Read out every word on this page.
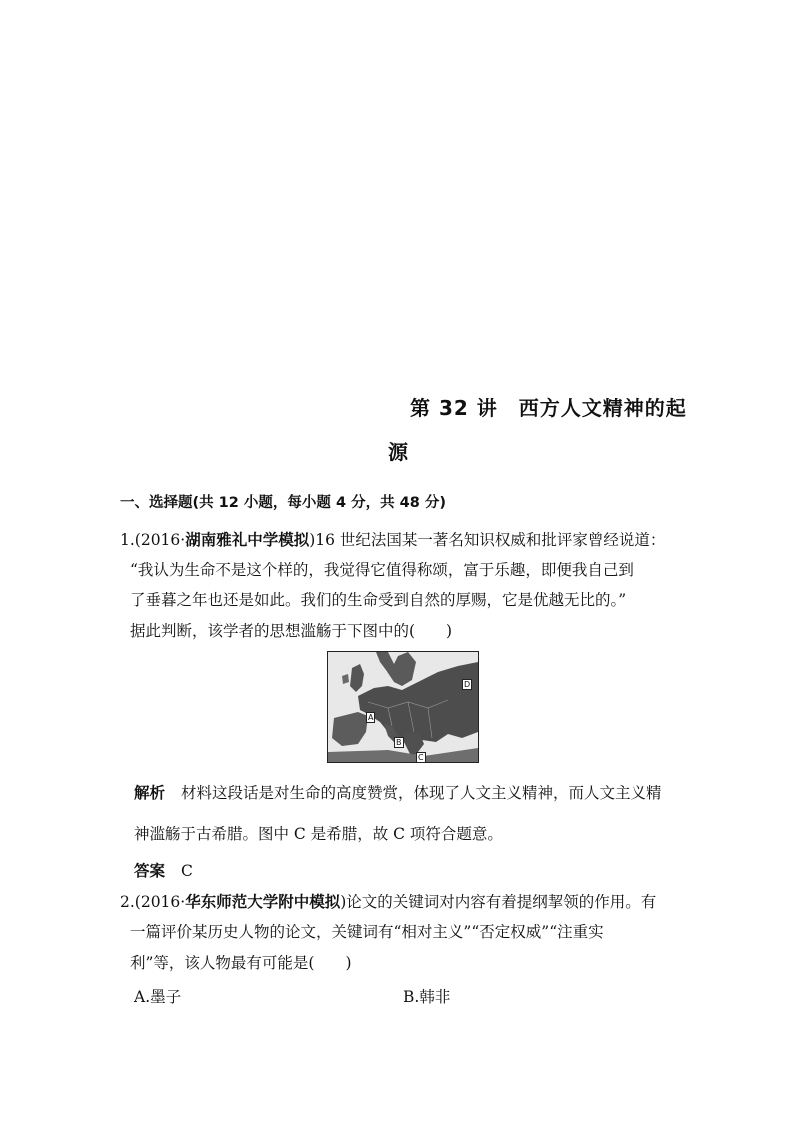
第 32 讲　西方人文精神的起
源
一、选择题(共 12 小题，每小题 4 分，共 48 分)
1.(2016·湖南雅礼中学模拟)16 世纪法国某一著名知识权威和批评家曾经说道：
“我认为生命不是这个样的，我觉得它值得称颂，富于乐趣，即便我自己到
了垂暮之年也还是如此。我们的生命受到自然的厚赐，它是优越无比的。”
据此判断，该学者的思想滥觞于下图中的(　　)
A
B
C
D
解析 材料这段话是对生命的高度赞赏，体现了人文主义精神，而人文主义精
神滥觞于古希腊。图中 C 是希腊，故 C 项符合题意。
答案 C
2.(2016·华东师范大学附中模拟)论文的关键词对内容有着提纲挈领的作用。有
一篇评价某历史人物的论文，关键词有“相对主义”“否定权威”“注重实
利”等，该人物最有可能是(　　)
A.墨子	B.韩非
